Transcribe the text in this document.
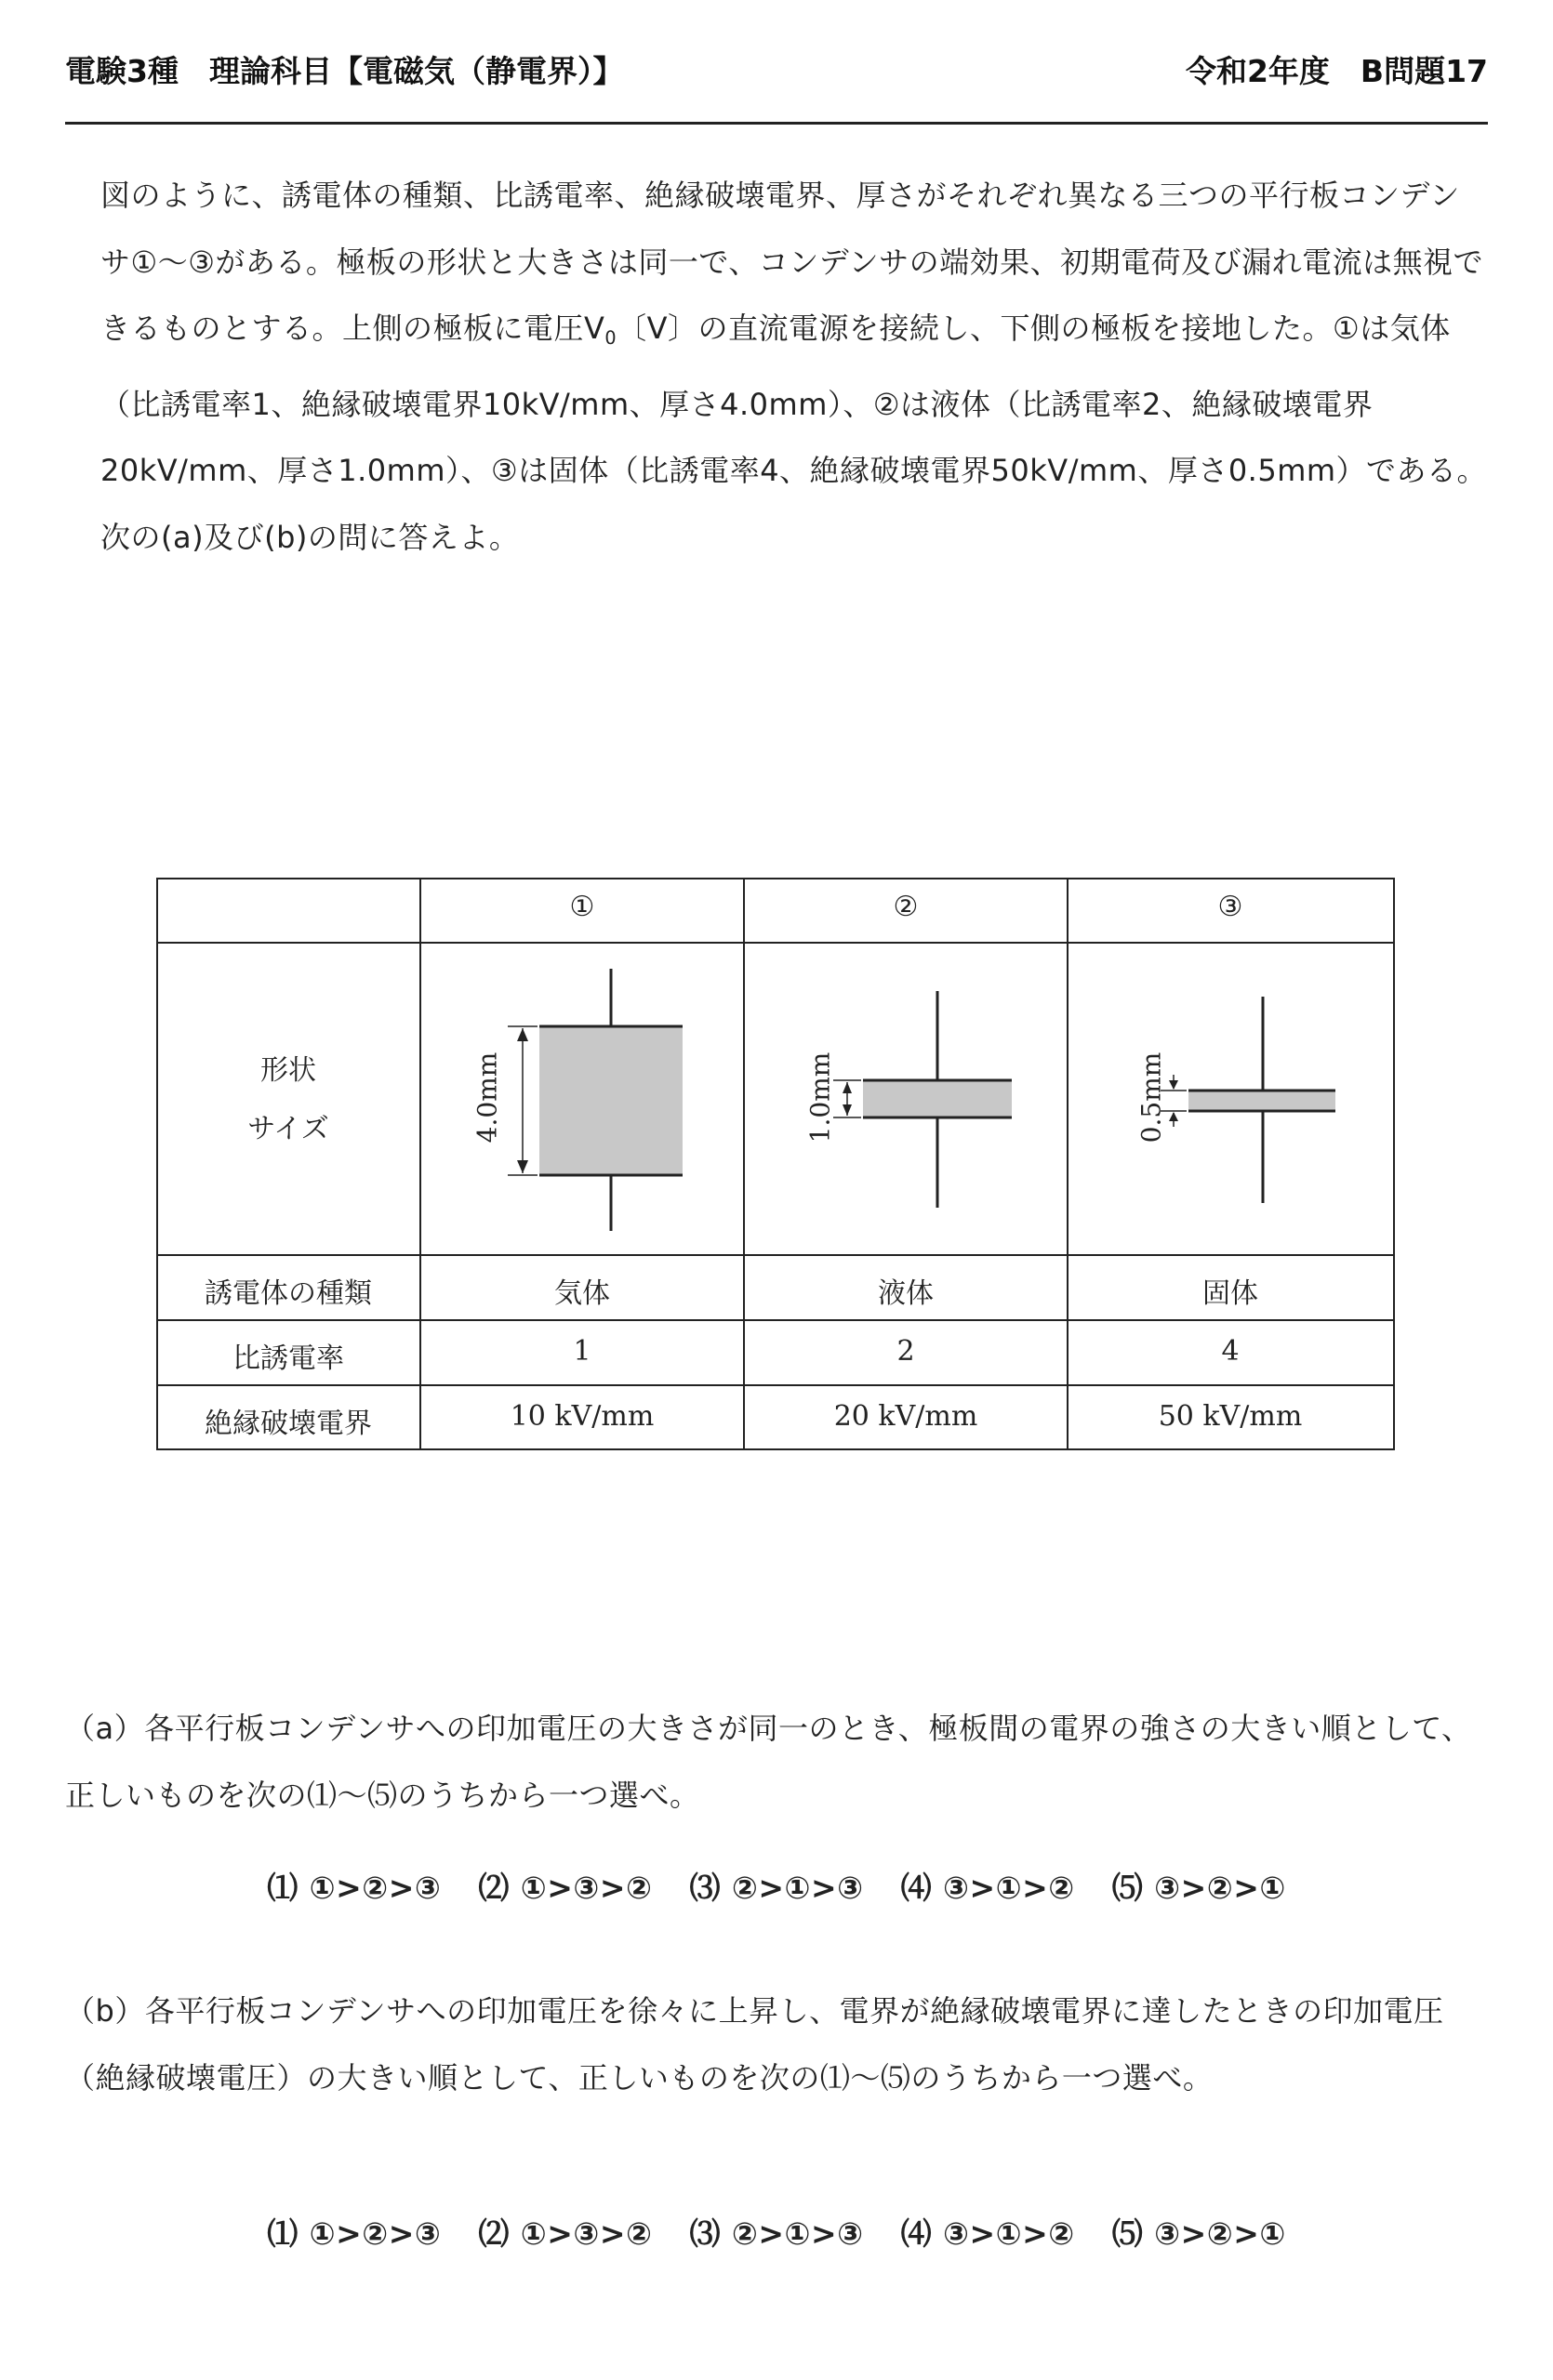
電験3種　理論科目【電磁気（静電界）】	令和2年度　B問題17

図のように、誘電体の種類、比誘電率、絶縁破壊電界、厚さがそれぞれ異なる三つの平行板コンデンサ①～③がある。極板の形状と大きさは同一で、コンデンサの端効果、初期電荷及び漏れ電流は無視できるものとする。上側の極板に電圧$V_0$〔V〕の直流電源を接続し、下側の極板を接地した。①は気体（比誘電率1、絶縁破壊電界10kV/mm、厚さ4.0mm）、②は液体（比誘電率2、絶縁破壊電界20kV/mm、厚さ1.0mm）、③は固体（比誘電率4、絶縁破壊電界50kV/mm、厚さ0.5mm）である。次の(a)及び(b)の問に答えよ。

①	②	③
形状
サイズ	4.0mm	1.0mm	0.5mm
誘電体の種類	気体	液体	固体
比誘電率	1	2	4
絶縁破壊電界	10 kV/mm	20 kV/mm	50 kV/mm

（a）各平行板コンデンサへの印加電圧の大きさが同一のとき、極板間の電界の強さの大きい順として、正しいものを次の⑴～⑸のうちから一つ選べ。

⑴ ①>②>③ ⑵ ①>③>② ⑶ ②>①>③ ⑷ ③>①>② ⑸ ③>②>①

（b）各平行板コンデンサへの印加電圧を徐々に上昇し、電界が絶縁破壊電界に達したときの印加電圧（絶縁破壊電圧）の大きい順として、正しいものを次の⑴～⑸のうちから一つ選べ。

⑴ ①>②>③ ⑵ ①>③>② ⑶ ②>①>③ ⑷ ③>①>② ⑸ ③>②>①
